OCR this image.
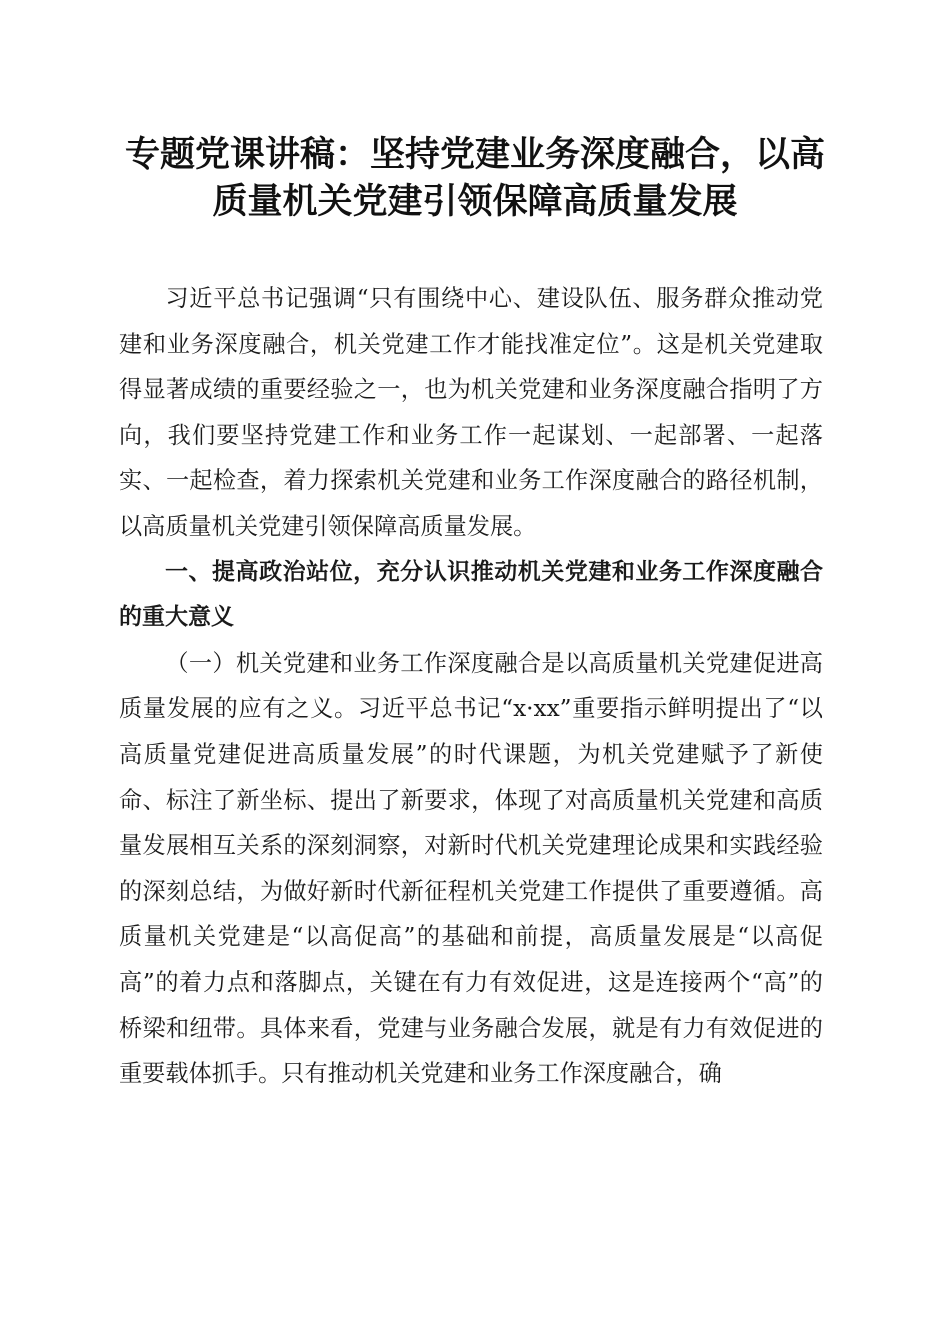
专题党课讲稿：坚持党建业务深度融合，以高质量机关党建引领保障高质量发展

习近平总书记强调“只有围绕中心、建设队伍、服务群众推动党建和业务深度融合，机关党建工作才能找准定位”。这是机关党建取得显著成绩的重要经验之一，也为机关党建和业务深度融合指明了方向，我们要坚持党建工作和业务工作一起谋划、一起部署、一起落实、一起检查，着力探索机关党建和业务工作深度融合的路径机制，以高质量机关党建引领保障高质量发展。

一、提高政治站位，充分认识推动机关党建和业务工作深度融合的重大意义

（一）机关党建和业务工作深度融合是以高质量机关党建促进高质量发展的应有之义。习近平总书记“x·xx”重要指示鲜明提出了“以高质量党建促进高质量发展”的时代课题，为机关党建赋予了新使命、标注了新坐标、提出了新要求，体现了对高质量机关党建和高质量发展相互关系的深刻洞察，对新时代机关党建理论成果和实践经验的深刻总结，为做好新时代新征程机关党建工作提供了重要遵循。高质量机关党建是“以高促高”的基础和前提，高质量发展是“以高促高”的着力点和落脚点，关键在有力有效促进，这是连接两个“高”的桥梁和纽带。具体来看，党建与业务融合发展，就是有力有效促进的重要载体抓手。只有推动机关党建和业务工作深度融合，确
